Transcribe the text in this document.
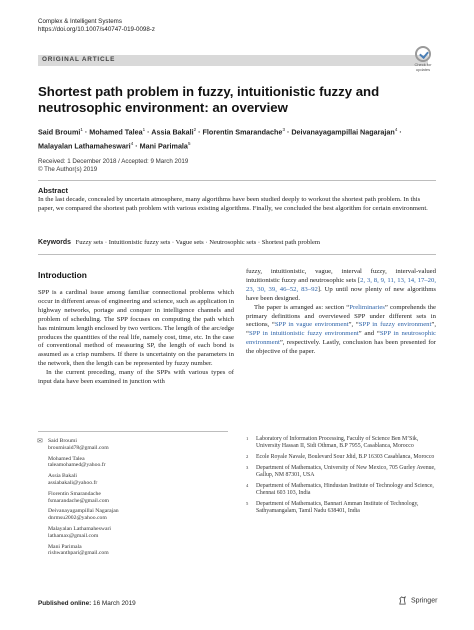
Complex & Intelligent Systems
https://doi.org/10.1007/s40747-019-0098-z
ORIGINAL ARTICLE
Check for
updates
Shortest path problem in fuzzy, intuitionistic fuzzy and neutrosophic environment: an overview
Said Broumi$^1$ · Mohamed Talea$^1$ · Assia Bakali$^2$ · Florentin Smarandache$^3$ · Deivanayagampillai Nagarajan$^4$ ·
Malayalan Lathamaheswari$^4$ · Mani Parimala$^5$
Received: 1 December 2018 / Accepted: 9 March 2019
© The Author(s) 2019
Abstract
In the last decade, concealed by uncertain atmosphere, many algorithms have been studied deeply to workout the shortest path problem. In this paper, we compared the shortest path problem with various existing algorithms. Finally, we concluded the best algorithm for certain environment.
Keywords Fuzzy sets · Intuitionistic fuzzy sets · Vague sets · Neutrosophic sets · Shortest path problem
Introduction

SPP is a cardinal issue among familiar connectional problems which occur in different areas of engineering and science, such as application in highway networks, portage and conquer in intelligence channels and problem of scheduling. The SPP focuses on computing the path which has minimum length enclosed by two vertices. The length of the arc/edge produces the quantities of the real life, namely cost, time, etc. In the case of conventional method of measuring SP, the length of each bond is assumed as a crisp numbers. If there is uncertainty on the parameters in the network, then the length can be represented by fuzzy number.

In the current preceding, many of the SPPs with various types of input data have been examined in junction with

fuzzy, intuitionistic, vague, interval fuzzy, interval-valued intuitionistic fuzzy and neutrosophic sets [2, 3, 8, 9, 11, 13, 14, 17–20, 23, 30, 39, 46–52, 83–92]. Up until now plenty of new algorithms have been designed.

The paper is arranged as: section “Preliminaries” comprehends the primary definitions and overviewed SPP under different sets in sections, “SPP in vague environment”, “SPP in fuzzy environment”, “SPP in intuitionistic fuzzy environment” and “SPP in neutrosophic environment”, respectively. Lastly, conclusion has been presented for the objective of the paper.

✉ Said Broumi
broumisaid78@gmail.com
Mohamed Talea
taleamohamed@yahoo.fr
Assia Bakali
assiabakali@yahoo.fr
Florentin Smarandache
fsmarandache@gmail.com
Deivanayagampillai Nagarajan
dnrmsu2002@yahoo.com
Malayalan Lathamaheswari
lathamax@gmail.com
Mani Parimala
rishwanthpari@gmail.com
1 Laboratory of Information Processing, Faculty of Science Ben M’Sik, University Hassan II, Sidi Othman, B.P 7955, Casablanca, Morocco
2 Ecole Royale Navale, Boulevard Sour Jdid, B.P 16303 Casablanca, Morocco
3 Department of Mathematics, University of New Mexico, 705 Gurley Avenue, Gallup, NM 87301, USA
4 Department of Mathematics, Hindustan Institute of Technology and Science, Chennai 603 103, India
5 Department of Mathematics, Bannari Amman Institute of Technology, Sathyamangalam, Tamil Nadu 638401, India
Published online: 16 March 2019	Springer
